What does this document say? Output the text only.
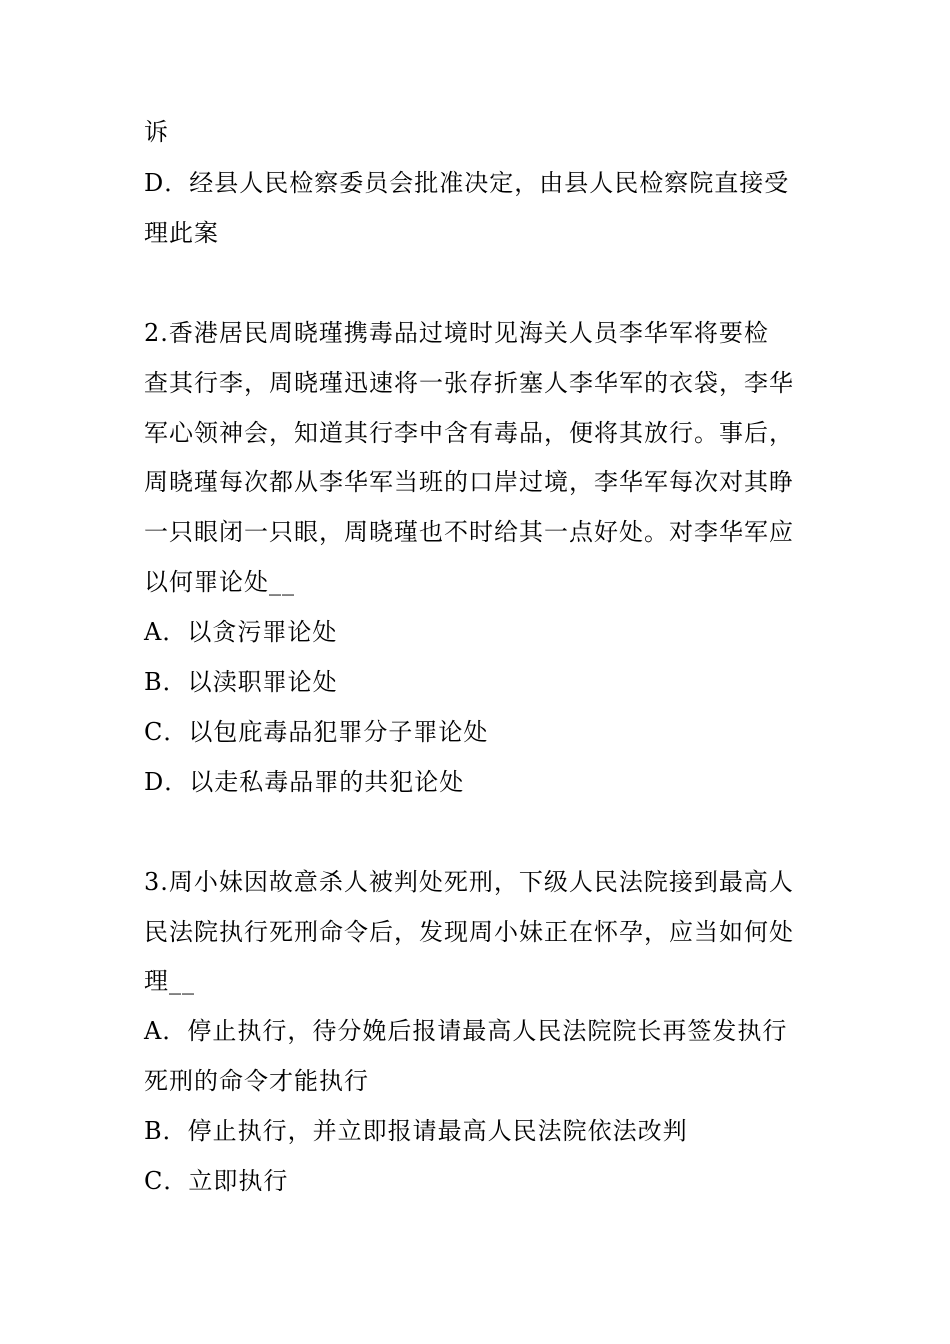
诉
D．经县人民检察委员会批准决定，由县人民检察院直接受
理此案
2.香港居民周晓瑾携毒品过境时见海关人员李华军将要检
查其行李，周晓瑾迅速将一张存折塞人李华军的衣袋，李华
军心领神会，知道其行李中含有毒品，便将其放行。事后，
周晓瑾每次都从李华军当班的口岸过境，李华军每次对其睁
一只眼闭一只眼，周晓瑾也不时给其一点好处。对李华军应
以何罪论处__
A．以贪污罪论处
B．以渎职罪论处
C．以包庇毒品犯罪分子罪论处
D．以走私毒品罪的共犯论处
3.周小妹因故意杀人被判处死刑，下级人民法院接到最高人
民法院执行死刑命令后，发现周小妹正在怀孕，应当如何处
理__
A．停止执行，待分娩后报请最高人民法院院长再签发执行
死刑的命令才能执行
B．停止执行，并立即报请最高人民法院依法改判
C．立即执行
